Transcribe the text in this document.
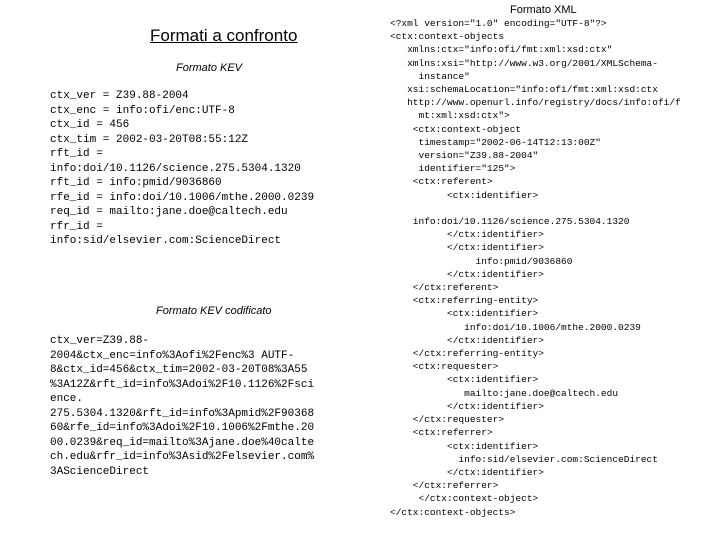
Formati a confronto
Formato KEV
ctx_ver = Z39.88-2004
ctx_enc = info:ofi/enc:UTF-8
ctx_id = 456
ctx_tim = 2002-03-20T08:55:12Z
rft_id =
info:doi/10.1126/science.275.5304.1320
rft_id = info:pmid/9036860
rfe_id = info:doi/10.1006/mthe.2000.0239
req_id = mailto:jane.doe@caltech.edu
rfr_id =
info:sid/elsevier.com:ScienceDirect
Formato KEV codificato
ctx_ver=Z39.88-
2004&ctx_enc=info%3Aofi%2Fenc%3 AUTF-
8&ctx_id=456&ctx_tim=2002-03-20T08%3A55
%3A12Z&rft_id=info%3Adoi%2F10.1126%2Fsci
ence.
275.5304.1320&rft_id=info%3Apmid%2F90368
60&rfe_id=info%3Adoi%2F10.1006%2Fmthe.20
00.0239&req_id=mailto%3Ajane.doe%40calte
ch.edu&rfr_id=info%3Asid%2Felsevier.com%
3AScienceDirect
Formato XML
<?xml version="1.0" encoding="UTF-8"?>
<ctx:context-objects
xmlns:ctx="info:ofi/fmt:xml:xsd:ctx"
xmlns:xsi="http://www.w3.org/2001/XMLSchema-
instance"
xsi:schemaLocation="info:ofi/fmt:xml:xsd:ctx
http://www.openurl.info/registry/docs/info:ofi/f
mt:xml:xsd:ctx">
<ctx:context-object
timestamp="2002-06-14T12:13:00Z"
version="Z39.88-2004"
identifier="125">
<ctx:referent>
<ctx:identifier>

info:doi/10.1126/science.275.5304.1320
</ctx:identifier>
</ctx:identifier>
info:pmid/9036860
</ctx:identifier>
</ctx:referent>
<ctx:referring-entity>
<ctx:identifier>
info:doi/10.1006/mthe.2000.0239
</ctx:identifier>
</ctx:referring-entity>
<ctx:requester>
<ctx:identifier>
mailto:jane.doe@caltech.edu
</ctx:identifier>
</ctx:requester>
<ctx:referrer>
<ctx:identifier>
info:sid/elsevier.com:ScienceDirect
</ctx:identifier>
</ctx:referrer>
</ctx:context-object>
</ctx:context-objects>
